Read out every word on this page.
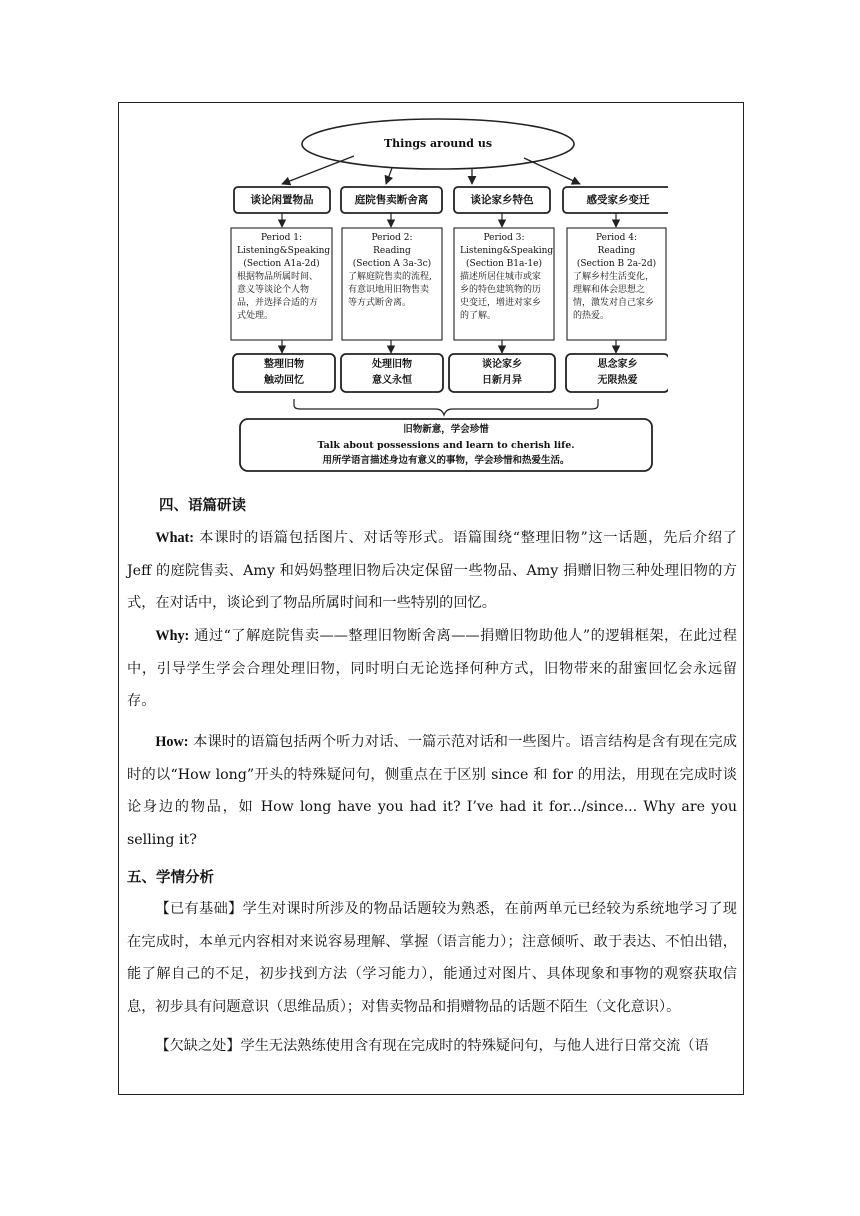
Things around us
谈论闲置物品	庭院售卖断舍离	谈论家乡特色	感受家乡变迁
Period 1:
Listening&Speaking
(Section A1a-2d)
根据物品所属时间、意义等谈论个人物品，并选择合适的方式处理。
Period 2:
Reading
(Section A 3a-3c)
了解庭院售卖的流程,有意识地用旧物售卖等方式断舍离。
Period 3:
Listening&Speaking
(Section B1a-1e)
描述所居住城市或家乡的特色建筑物的历史变迁，增进对家乡的了解。
Period 4:
Reading
(Section B 2a-2d)
了解乡村生活变化，理解和体会思想之情，激发对自己家乡的热爱。
整理旧物
触动回忆
处理旧物
意义永恒
谈论家乡
日新月异
思念家乡
无限热爱
旧物新意，学会珍惜
Talk about possessions and learn to cherish life.
用所学语言描述身边有意义的事物，学会珍惜和热爱生活。
四、语篇研读
What: 本课时的语篇包括图片、对话等形式。语篇围绕“整理旧物”这一话题，先后介绍了 Jeff 的庭院售卖、Amy 和妈妈整理旧物后决定保留一些物品、Amy 捐赠旧物三种处理旧物的方式，在对话中，谈论到了物品所属时间和一些特别的回忆。
Why: 通过“了解庭院售卖——整理旧物断舍离——捐赠旧物助他人”的逻辑框架，在此过程中，引导学生学会合理处理旧物，同时明白无论选择何种方式，旧物带来的甜蜜回忆会永远留存。
How: 本课时的语篇包括两个听力对话、一篇示范对话和一些图片。语言结构是含有现在完成时的以“How long”开头的特殊疑问句，侧重点在于区别 since 和 for 的用法，用现在完成时谈论身边的物品，如 How long have you had it? I’ve had it for.../since... Why are you selling it?
五、学情分析
【已有基础】学生对课时所涉及的物品话题较为熟悉，在前两单元已经较为系统地学习了现在完成时，本单元内容相对来说容易理解、掌握（语言能力）；注意倾听、敢于表达、不怕出错，能了解自己的不足，初步找到方法（学习能力），能通过对图片、具体现象和事物的观察获取信息，初步具有问题意识（思维品质）；对售卖物品和捐赠物品的话题不陌生（文化意识）。
【欠缺之处】学生无法熟练使用含有现在完成时的特殊疑问句，与他人进行日常交流（语
